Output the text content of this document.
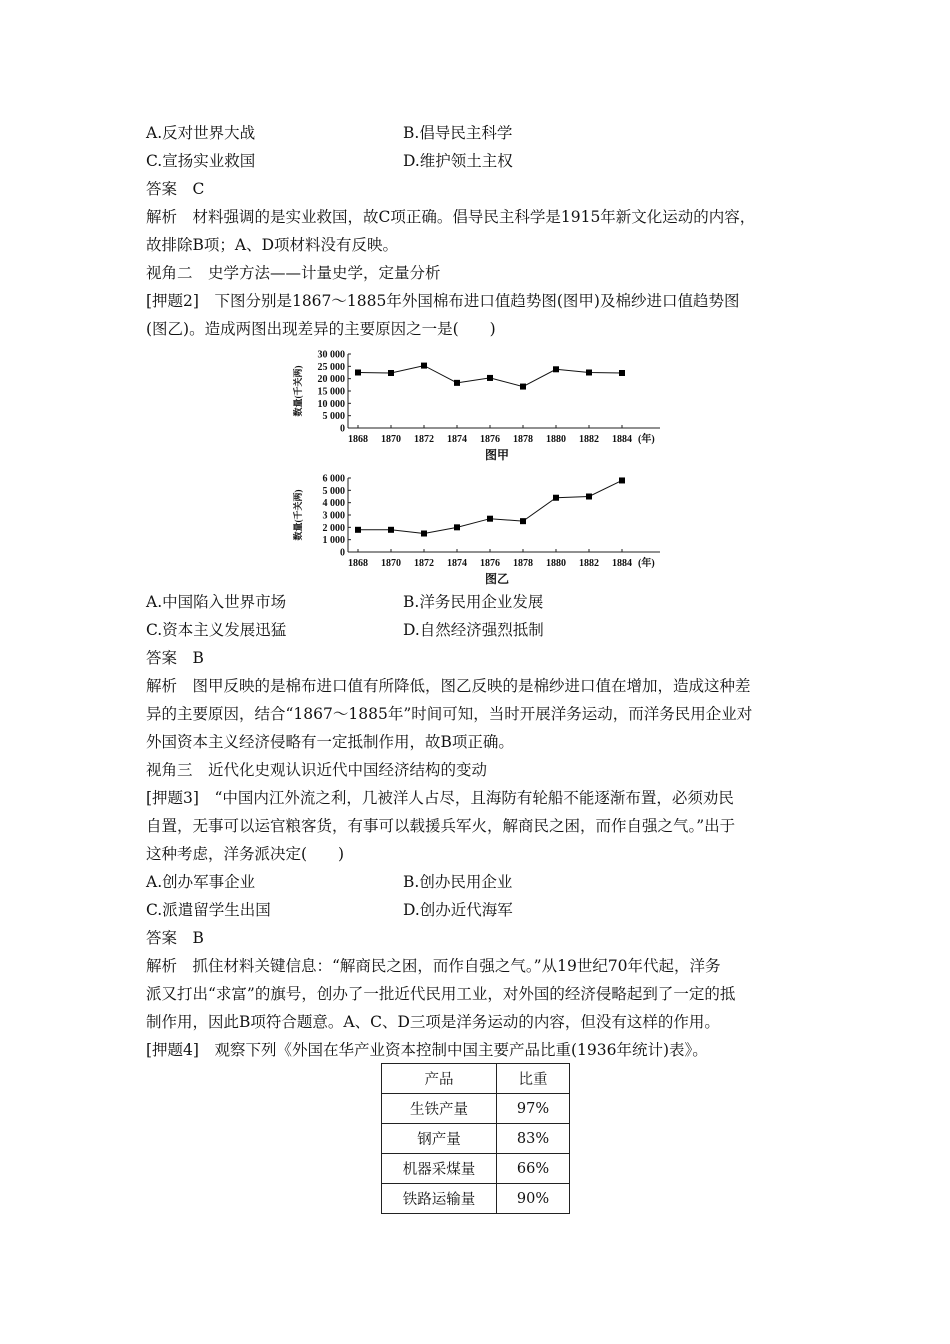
A.反对世界大战	B.倡导民主科学
C.宣扬实业救国	D.维护领土主权
答案　C
解析　材料强调的是实业救国，故C项正确。倡导民主科学是1915年新文化运动的内容，
故排除B项；A、D项材料没有反映。
视角二　史学方法——计量史学，定量分析
[押题2]　下图分别是1867～1885年外国棉布进口值趋势图(图甲)及棉纱进口值趋势图
(图乙)。造成两图出现差异的主要原因之一是(　　)
30 000
25 000
20 000
15 000
10 000
5 000
0
1868 1870 1872 1874 1876 1878 1880 1882 1884 (年)
数量(千关两)
图甲
6 000
5 000
4 000
3 000
2 000
1 000
0
1868 1870 1872 1874 1876 1878 1880 1882 1884 (年)
数量(千关两)
图乙
A.中国陷入世界市场	B.洋务民用企业发展
C.资本主义发展迅猛	D.自然经济强烈抵制
答案　B
解析　图甲反映的是棉布进口值有所降低，图乙反映的是棉纱进口值在增加，造成这种差
异的主要原因，结合“1867～1885年”时间可知，当时开展洋务运动，而洋务民用企业对
外国资本主义经济侵略有一定抵制作用，故B项正确。
视角三　近代化史观认识近代中国经济结构的变动
[押题3]　“中国内江外流之利，几被洋人占尽，且海防有轮船不能逐渐布置，必须劝民
自置，无事可以运官粮客货，有事可以载援兵军火，解商民之困，而作自强之气。”出于
这种考虑，洋务派决定(　　)
A.创办军事企业	B.创办民用企业
C.派遣留学生出国	D.创办近代海军
答案　B
解析　抓住材料关键信息：“解商民之困，而作自强之气。”从19世纪70年代起，洋务
派又打出“求富”的旗号，创办了一批近代民用工业，对外国的经济侵略起到了一定的抵
制作用，因此B项符合题意。A、C、D三项是洋务运动的内容，但没有这样的作用。
[押题4]　观察下列《外国在华产业资本控制中国主要产品比重(1936年统计)表》。
产品	比重
生铁产量	97%
钢产量	83%
机器采煤量	66%
铁路运输量	90%
